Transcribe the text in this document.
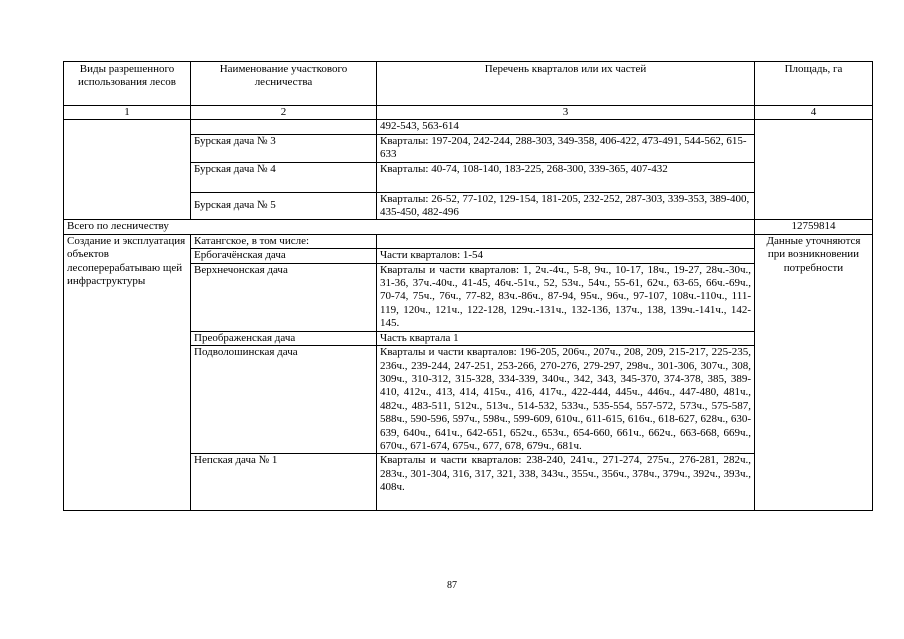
Виды разрешенного использования лесов	Наименование участкового лесничества	Перечень кварталов или их частей	Площадь, га
1	2	3	4
		492-543, 563-614	
	Бурская дача № 3	Кварталы: 197-204, 242-244, 288-303, 349-358, 406-422, 473-491, 544-562, 615-633	
	Бурская дача № 4	Кварталы: 40-74, 108-140, 183-225, 268-300, 339-365, 407-432	
	Бурская дача № 5	Кварталы: 26-52, 77-102, 129-154, 181-205, 232-252, 287-303, 339-353, 389-400, 435-450, 482-496	
Всего по лесничеству			12759814
Создание и эксплуатация объектов лесоперерабатываю щей инфраструктуры	Катангское, в том числе:		Данные уточняются при возникновении потребности
	Ербогачёнская дача	Части кварталов: 1-54	
	Верхнечонская дача	Кварталы и части кварталов: 1, 2ч.-4ч., 5-8, 9ч., 10-17, 18ч., 19-27, 28ч.-30ч., 31-36, 37ч.-40ч., 41-45, 46ч.-51ч., 52, 53ч., 54ч., 55-61, 62ч., 63-65, 66ч.-69ч., 70-74, 75ч., 76ч., 77-82, 83ч.-86ч., 87-94, 95ч., 96ч., 97-107, 108ч.-110ч., 111-119, 120ч., 121ч., 122-128, 129ч.-131ч., 132-136, 137ч., 138, 139ч.-141ч., 142-145.	
	Преображенская дача	Часть квартала 1	
	Подволошинская дача	Кварталы и части кварталов: 196-205, 206ч., 207ч., 208, 209, 215-217, 225-235, 236ч., 239-244, 247-251, 253-266, 270-276, 279-297, 298ч., 301-306, 307ч., 308, 309ч., 310-312, 315-328, 334-339, 340ч., 342, 343, 345-370, 374-378, 385, 389-410, 412ч., 413, 414, 415ч., 416, 417ч., 422-444, 445ч., 446ч., 447-480, 481ч., 482ч., 483-511, 512ч., 513ч., 514-532, 533ч., 535-554, 557-572, 573ч., 575-587, 588ч., 590-596, 597ч., 598ч., 599-609, 610ч., 611-615, 616ч., 618-627, 628ч., 630-639, 640ч., 641ч., 642-651, 652ч., 653ч., 654-660, 661ч., 662ч., 663-668, 669ч., 670ч., 671-674, 675ч., 677, 678, 679ч., 681ч.	
	Непская дача № 1	Кварталы и части кварталов: 238-240, 241ч., 271-274, 275ч., 276-281, 282ч., 283ч., 301-304, 316, 317, 321, 338, 343ч., 355ч., 356ч., 378ч., 379ч., 392ч., 393ч., 408ч.	
87
